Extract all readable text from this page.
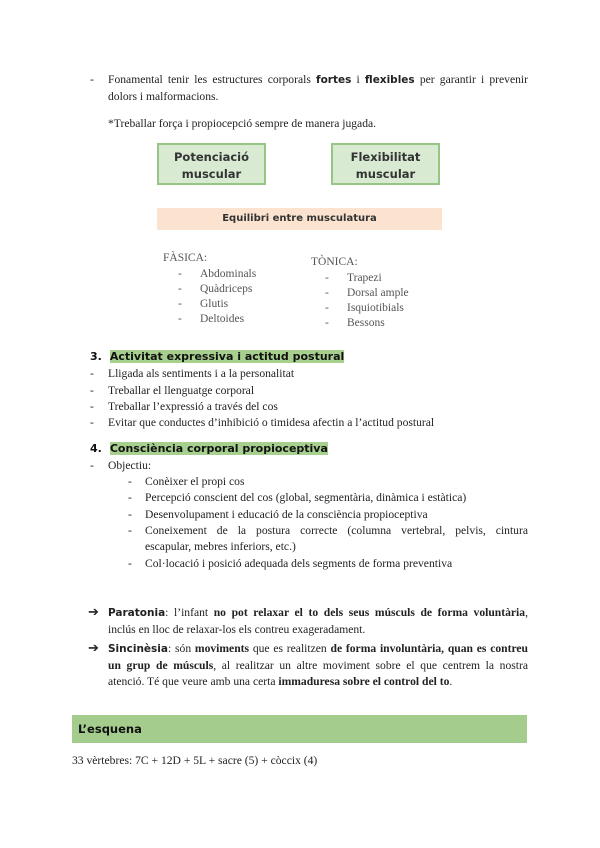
- Fonamental tenir les estructures corporals fortes i flexibles per garantir i prevenir
dolors i malformacions.
*Treballar força i propiocepció sempre de manera jugada.
Potenciació
muscular
Flexibilitat
muscular
Equilibri entre musculatura
FÀSICA:
- Abdominals
- Quàdriceps
- Glutis
- Deltoides
TÒNICA:
- Trapezi
- Dorsal ample
- Isquiotibials
- Bessons
3. Activitat expressiva i actitud postural
- Lligada als sentiments i a la personalitat
- Treballar el llenguatge corporal
- Treballar l’expressió a través del cos
- Evitar que conductes d’inhibició o timidesa afectin a l’actitud postural
4. Consciència corporal propioceptiva
- Objectiu:
- Conèixer el propi cos
- Percepció conscient del cos (global, segmentària, dinàmica i estàtica)
- Desenvolupament i educació de la consciència propioceptiva
- Coneixement de la postura correcte (columna vertebral, pelvis, cintura
escapular, mebres inferiors, etc.)
- Col·locació i posició adequada dels segments de forma preventiva
➔ Paratonia: l’infant no pot relaxar el to dels seus músculs de forma voluntària,
inclús en lloc de relaxar-los els contreu exageradament.
➔ Sincinèsia: són moviments que es realitzen de forma involuntària, quan es contreu
un grup de músculs, al realitzar un altre moviment sobre el que centrem la nostra
atenció. Té que veure amb una certa immaduresa sobre el control del to.
L’esquena
33 vèrtebres: 7C + 12D + 5L + sacre (5) + còccix (4)
